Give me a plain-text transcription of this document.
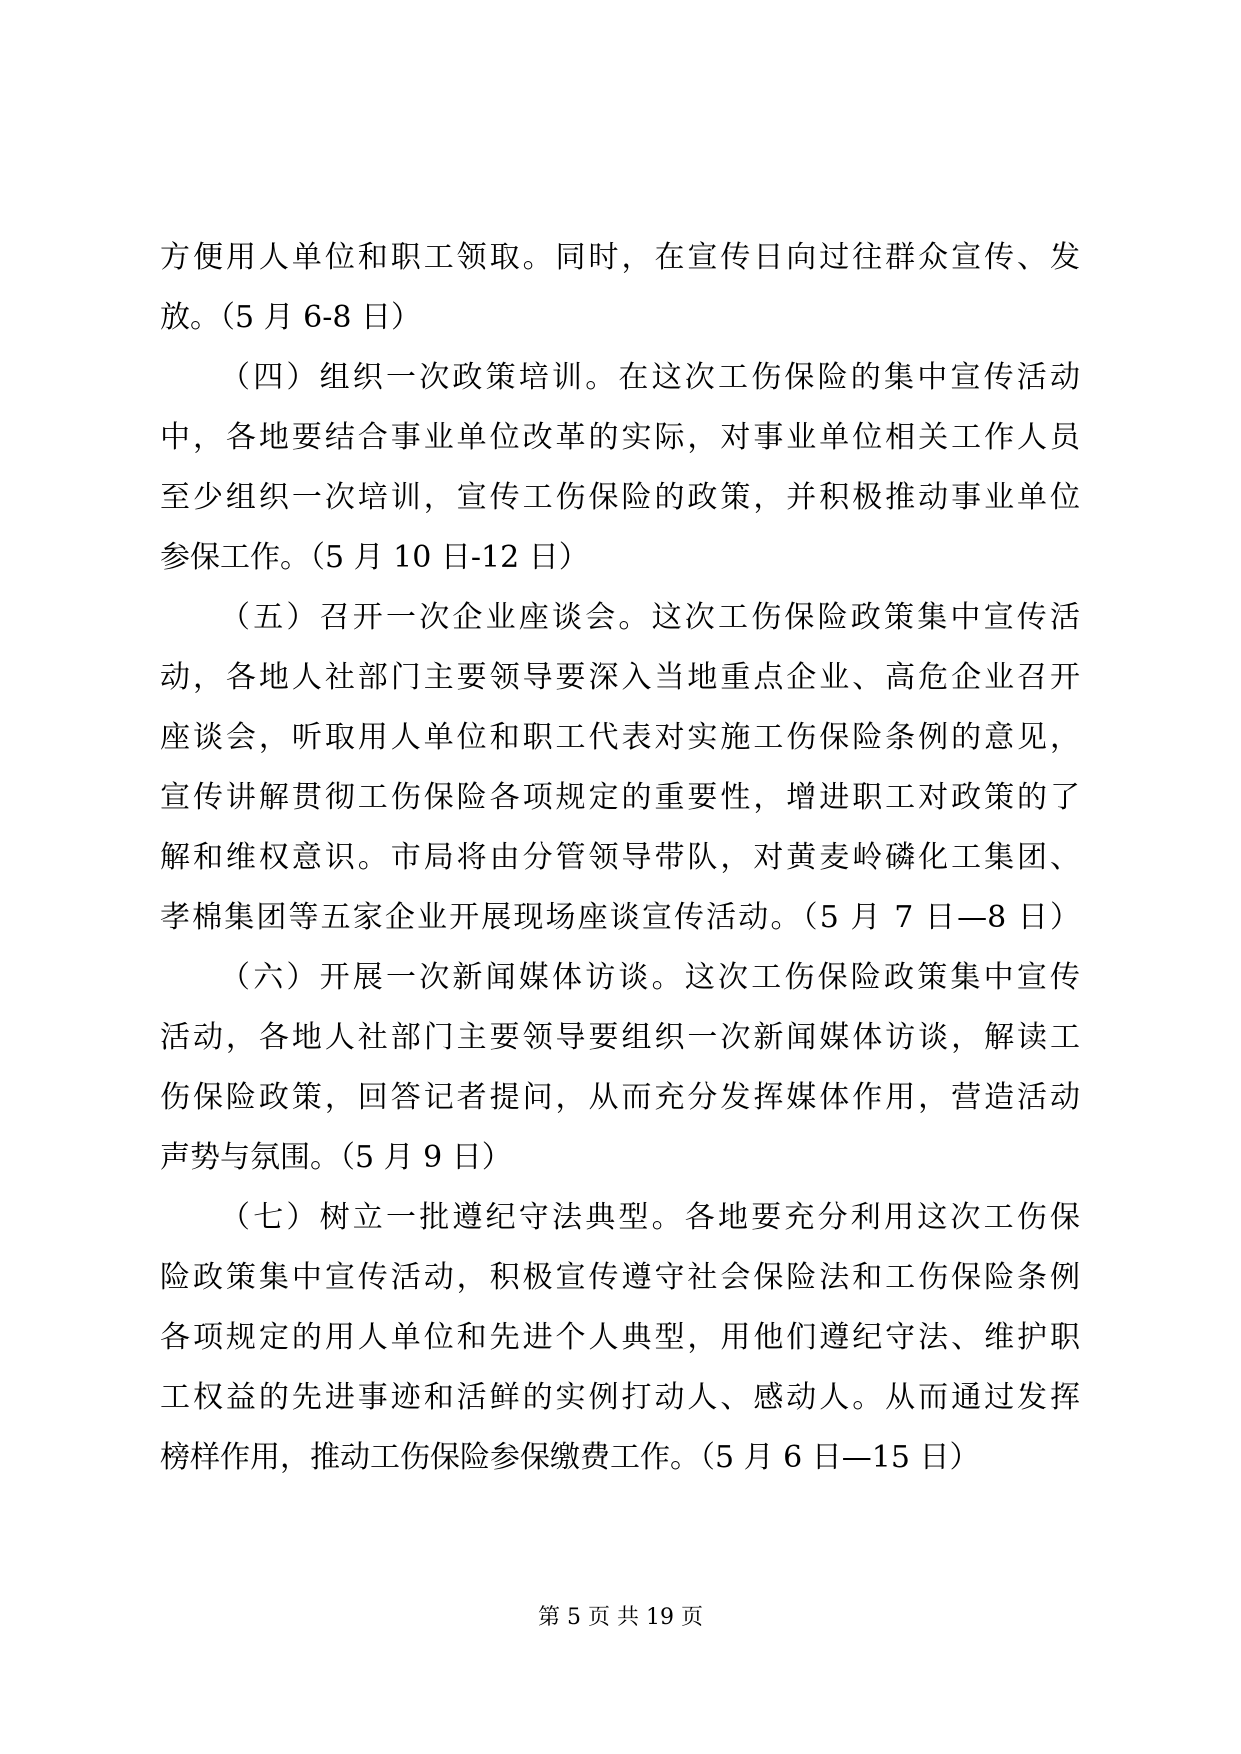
方便用人单位和职工领取。同时，在宣传日向过往群众宣传、发
放。（5 月 6-8 日）
（四）组织一次政策培训。在这次工伤保险的集中宣传活动
中，各地要结合事业单位改革的实际，对事业单位相关工作人员
至少组织一次培训，宣传工伤保险的政策，并积极推动事业单位
参保工作。（5 月 10 日-12 日）
（五）召开一次企业座谈会。这次工伤保险政策集中宣传活
动，各地人社部门主要领导要深入当地重点企业、高危企业召开
座谈会，听取用人单位和职工代表对实施工伤保险条例的意见，
宣传讲解贯彻工伤保险各项规定的重要性，增进职工对政策的了
解和维权意识。市局将由分管领导带队，对黄麦岭磷化工集团、
孝棉集团等五家企业开展现场座谈宣传活动。（5 月 7 日—8 日）
（六）开展一次新闻媒体访谈。这次工伤保险政策集中宣传
活动，各地人社部门主要领导要组织一次新闻媒体访谈，解读工
伤保险政策，回答记者提问，从而充分发挥媒体作用，营造活动
声势与氛围。（5 月 9 日）
（七）树立一批遵纪守法典型。各地要充分利用这次工伤保
险政策集中宣传活动，积极宣传遵守社会保险法和工伤保险条例
各项规定的用人单位和先进个人典型，用他们遵纪守法、维护职
工权益的先进事迹和活鲜的实例打动人、感动人。从而通过发挥
榜样作用，推动工伤保险参保缴费工作。（5 月 6 日—15 日）
第 5 页 共 19 页
